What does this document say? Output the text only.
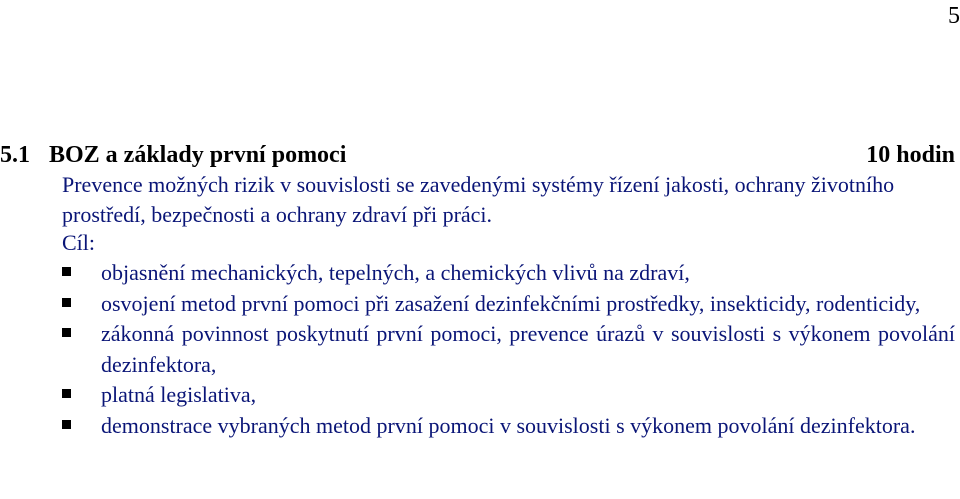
5
5.1 BOZ a základy první pomoci	10 hodin
Prevence možných rizik v souvislosti se zavedenými systémy řízení jakosti, ochrany životního prostředí, bezpečnosti a ochrany zdraví při práci.
Cíl:
objasnění mechanických, tepelných, a chemických vlivů na zdraví,
osvojení metod první pomoci při zasažení dezinfekčními prostředky, insekticidy, rodenticidy,
zákonná povinnost poskytnutí první pomoci, prevence úrazů v souvislosti s výkonem povolání dezinfektora,
platná legislativa,
demonstrace vybraných metod první pomoci v souvislosti s výkonem povolání dezinfektora.
